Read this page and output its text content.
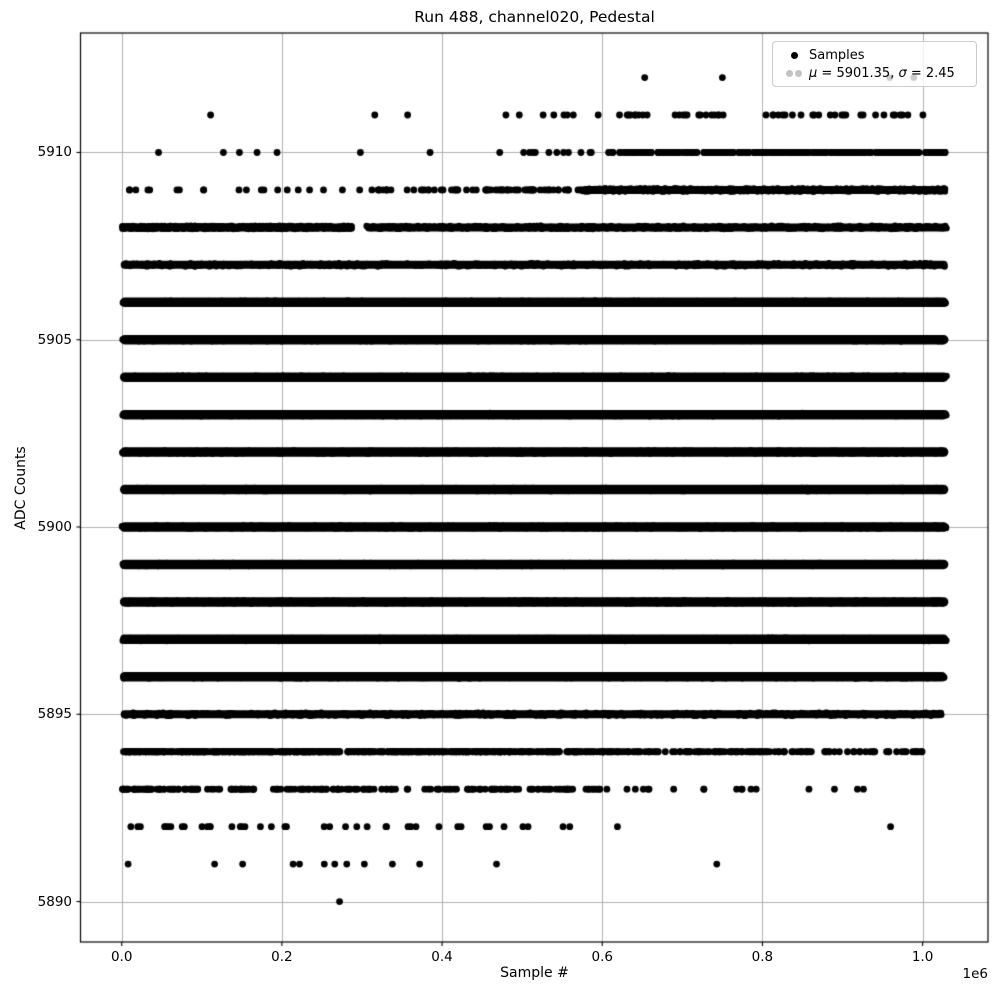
Run 488, channel020, Pedestal
Sample #	1e6
ADC Counts
0.0	0.2	0.4	0.6	0.8	1.0
5890
5895
5900
5905
5910
Samples
μ = 5901.35, σ = 2.45
